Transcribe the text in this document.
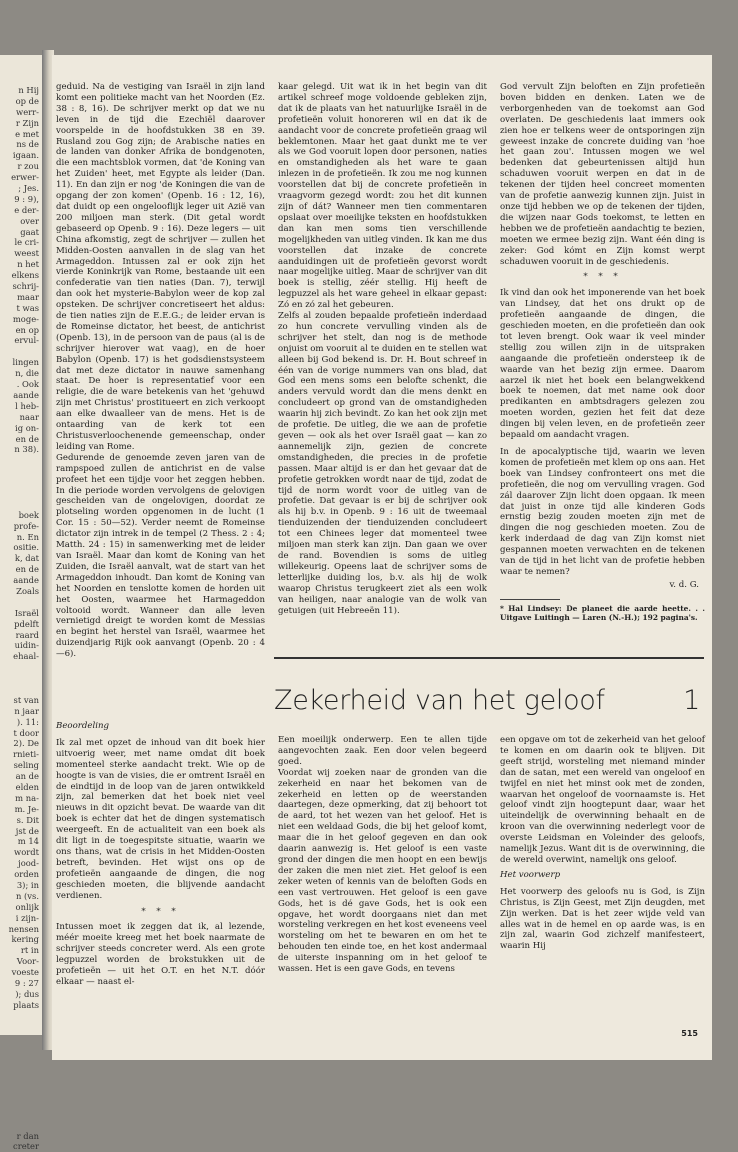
n Hij
op de
werr-
r Zijn
e met
ns de
igaan.
r zou
erwer-
; Jes.
9 : 9),
e der-
over
gaat
le cri-
weest
n het
elkens
schrij-
maar
t was
moge-
en op
ervul-
lingen
n, die
. Ook
aande
l heb-
naar
ig on-
en de
n 38).
boek
profe-
n. En
ositie.
k, dat
en de
aande
Zoals
Israël
pdelft
raard
uidin-
ehaal-
st van
n jaar
). 11:
t door
2). De
rnieti-
seling
an de
elden
m na-
m. Je-
s. Dit
jst de
m 14
wordt
jood-
orden
3); in
n (vs.
onlijk
i zijn-
nensen
kering
rt in
Voor-
voeste
9 : 27
); dus
plaats
r dan
creter

geduid. Na de vestiging van Israël in zijn land komt een politieke macht van het Noorden (Ez. 38 : 8, 16). De schrijver merkt op dat we nu leven in de tijd die Ezechiël daarover voorspelde in de hoofdstukken 38 en 39. Rusland zou Gog zijn; de Arabische naties en de landen van donker Afrika de bondgenoten, die een machtsblok vormen, dat 'de Koning van het Zuiden' heet, met Egypte als leider (Dan. 11). En dan zijn er nog 'de Koningen die van de opgang der zon komen' (Openb. 16 : 12, 16), dat duidt op een ongelooflijk leger uit Azië van 200 miljoen man sterk. (Dit getal wordt gebaseerd op Openb. 9 : 16). Deze legers — uit China afkomstig, zegt de schrijver — zullen het Midden-Oosten aanvallen in de slag van het Armageddon. Intussen zal er ook zijn het vierde Koninkrijk van Rome, bestaande uit een confederatie van tien naties (Dan. 7), terwijl dan ook het mysterie-Babylon weer de kop zal opsteken. De schrijver concretiseert het aldus: de tien naties zijn de E.E.G.; de leider ervan is de Romeinse dictator, het beest, de antichrist (Openb. 13), in de persoon van de paus (al is de schrijver hierover wat vaag), en de hoer Babylon (Openb. 17) is het godsdienstsysteem dat met deze dictator in nauwe samenhang staat. De hoer is representatief voor een religie, die de ware betekenis van het 'gehuwd zijn met Christus' prostitueert en zich verkoopt aan elke dwaalleer van de mens. Het is de ontaarding van de kerk tot een Christusverloochenende gemeenschap, onder leiding van Rome.

Gedurende de genoemde zeven jaren van de rampspoed zullen de antichrist en de valse profeet het een tijdje voor het zeggen hebben. In die periode worden vervolgens de gelovigen gescheiden van de ongelovigen, doordat ze plotseling worden opgenomen in de lucht (1 Cor. 15 : 50—52). Verder neemt de Romeinse dictator zijn intrek in de tempel (2 Thess. 2 : 4; Matth. 24 : 15) in samenwerking met de leider van Israël. Maar dan komt de Koning van het Zuiden, die Israël aanvalt, wat de start van het Armageddon inhoudt. Dan komt de Koning van het Noorden en tenslotte komen de horden uit het Oosten, waarmee het Harmageddon voltooid wordt. Wanneer dan alle leven vernietigd dreigt te worden komt de Messias en begint het herstel van Israël, waarmee het duizendjarig Rijk ook aanvangt (Openb. 20 : 4—6).

Beoordeling

Ik zal met opzet de inhoud van dit boek hier uitvoerig weer, met name omdat dit boek momenteel sterke aandacht trekt. Wie op de hoogte is van de visies, die er omtrent Israël en de eindtijd in de loop van de jaren ontwikkeld zijn, zal bemerken dat het boek niet veel nieuws in dit opzicht bevat. De waarde van dit boek is echter dat het de dingen systematisch weergeeft. En de actualiteit van een boek als dit ligt in de toegespitste situatie, waarin we ons thans, wat de crisis in het Midden-Oosten betreft, bevinden. Het wijst ons op de profetieën aangaande de dingen, die nog geschieden moeten, die blijvende aandacht verdienen.

* * *

Intussen moet ik zeggen dat ik, al lezende, méér moeite kreeg met het boek naarmate de schrijver steeds concreter werd. Als een grote legpuzzel worden de brokstukken uit de profetieën — uit het O.T. en het N.T. dóór elkaar — naast el-

kaar gelegd. Uit wat ik in het begin van dit artikel schreef moge voldoende gebleken zijn, dat ik de plaats van het natuurlijke Israël in de profetieën voluit honoreren wil en dat ik de aandacht voor de concrete profetieën graag wil beklemtonen. Maar het gaat dunkt me te ver als we God vooruit lopen door personen, naties en omstandigheden als het ware te gaan inlezen in de profetieën. Ik zou me nog kunnen voorstellen dat bij de concrete profetieën in vraagvorm gezegd wordt: zou het dit kunnen zijn of dát? Wanneer men tien commentaren opslaat over moeilijke teksten en hoofdstukken dan kan men soms tien verschillende mogelijkheden van uitleg vinden. Ik kan me dus voorstellen dat inzake de concrete aanduidingen uit de profetieën gevorst wordt naar mogelijke uitleg. Maar de schrijver van dit boek is stellig, zéér stellig. Hij heeft de legpuzzel als het ware geheel in elkaar gepast: Zó en zó zal het gebeuren.

Zelfs al zouden bepaalde profetieën inderdaad zo hun concrete vervulling vinden als de schrijver het stelt, dan nog is de methode onjuist om vooruit al te duiden en te stellen wat alleen bij God bekend is. Dr. H. Bout schreef in één van de vorige nummers van ons blad, dat God een mens soms een belofte schenkt, die anders vervuld wordt dan die mens denkt en concludeert op grond van de omstandigheden waarin hij zich bevindt. Zo kan het ook zijn met de profetie. De uitleg, die we aan de profetie geven — ook als het over Israël gaat — kan zo aannemelijk zijn, gezien de concrete omstandigheden, die precies in de profetie passen. Maar altijd is er dan het gevaar dat de profetie getrokken wordt naar de tijd, zodat de tijd de norm wordt voor de uitleg van de profetie. Dat gevaar is er bij de schrijver ook als hij b.v. in Openb. 9 : 16 uit de tweemaal tienduizenden der tienduizenden concludeert tot een Chinees leger dat momenteel twee miljoen man sterk kan zijn. Dan gaan we over de rand. Bovendien is soms de uitleg willekeurig. Opeens laat de schrijver soms de letterlijke duiding los, b.v. als hij de wolk waarop Christus terugkeert ziet als een wolk van heiligen, naar analogie van de wolk van getuigen (uit Hebreeën 11).

God vervult Zijn beloften en Zijn profetieën boven bidden en denken. Laten we de verborgenheden van de toekomst aan God overlaten. De geschiedenis laat immers ook zien hoe er telkens weer de ontsporingen zijn geweest inzake de concrete duiding van 'hoe het gaan zou'. Intussen mogen we wel bedenken dat gebeurtenissen altijd hun schaduwen vooruit werpen en dat in de tekenen der tijden heel concreet momenten van de profetie aanwezig kunnen zijn. Juist in onze tijd hebben we op de tekenen der tijden, die wijzen naar Gods toekomst, te letten en hebben we de profetieën aandachtig te bezien, moeten we ermee bezig zijn. Want één ding is zeker: God kómt en Zijn komst werpt schaduwen vooruit in de geschiedenis.

* * *

Ik vind dan ook het imponerende van het boek van Lindsey, dat het ons drukt op de profetieën aangaande de dingen, die geschieden moeten, en die profetieën dan ook tot leven brengt. Ook waar ik veel minder stellig zou willen zijn in de uitspraken aangaande die profetieën ondersteep ik de waarde van het bezig zijn ermee. Daarom aarzel ik niet het boek een belangwekkend boek te noemen, dat met name ook door predikanten en ambtsdragers gelezen zou moeten worden, gezien het feit dat deze dingen bij velen leven, en de profetieën zeer bepaald om aandacht vragen.

In de apocalyptische tijd, waarin we leven komen de profetieën met klem op ons aan. Het boek van Lindsey confronteert ons met die profetieën, die nog om vervulling vragen. God zál daarover Zijn licht doen opgaan. Ik meen dat juist in onze tijd alle kinderen Gods ernstig bezig zouden moeten zijn met de dingen die nog geschieden moeten. Zou de kerk inderdaad de dag van Zijn komst niet gespannen moeten verwachten en de tekenen van de tijd in het licht van de profetie hebben waar te nemen?

v. d. G.

* Hal Lindsey: De planeet die aarde heette. . . Uitgave Luitingh — Laren (N.-H.); 192 pagina's.

Zekerheid van het geloof	1

Een moeilijk onderwerp. Een te allen tijde aangevochten zaak. Een door velen begeerd goed.

Voordat wij zoeken naar de gronden van die zekerheid en naar het bekomen van de zekerheid en letten op de weerstanden daartegen, deze opmerking, dat zij behoort tot de aard, tot het wezen van het geloof. Het is niet een weldaad Gods, die bij het geloof komt, maar die in het geloof gegeven en dan ook daarin aanwezig is. Het geloof is een vaste grond der dingen die men hoopt en een bewijs der zaken die men niet ziet. Het geloof is een zeker weten of kennis van de beloften Gods en een vast vertrouwen. Het geloof is een gave Gods, het is dé gave Gods, het is ook een opgave, het wordt doorgaans niet dan met worsteling verkregen en het kost eveneens veel worsteling om het te bewaren en om het te behouden ten einde toe, en het kost andermaal de uiterste inspanning om in het geloof te wassen. Het is een gave Gods, en tevens

een opgave om tot de zekerheid van het geloof te komen en om daarin ook te blijven. Dit geeft strijd, worsteling met niemand minder dan de satan, met een wereld van ongeloof en twijfel en niet het minst ook met de zonden, waarvan het ongeloof de voornaamste is. Het geloof vindt zijn hoogtepunt daar, waar het uiteindelijk de overwinning behaalt en de kroon van die overwinning nederlegt voor de overste Leidsman en Voleinder des geloofs, namelijk Jezus. Want dit is de overwinning, die de wereld overwint, namelijk ons geloof.

Het voorwerp

Het voorwerp des geloofs nu is God, is Zijn Christus, is Zijn Geest, met Zijn deugden, met Zijn werken. Dat is het zeer wijde veld van alles wat in de hemel en op aarde was, is en zijn zal, waarin God zichzelf manifesteert, waarin Hij

515
